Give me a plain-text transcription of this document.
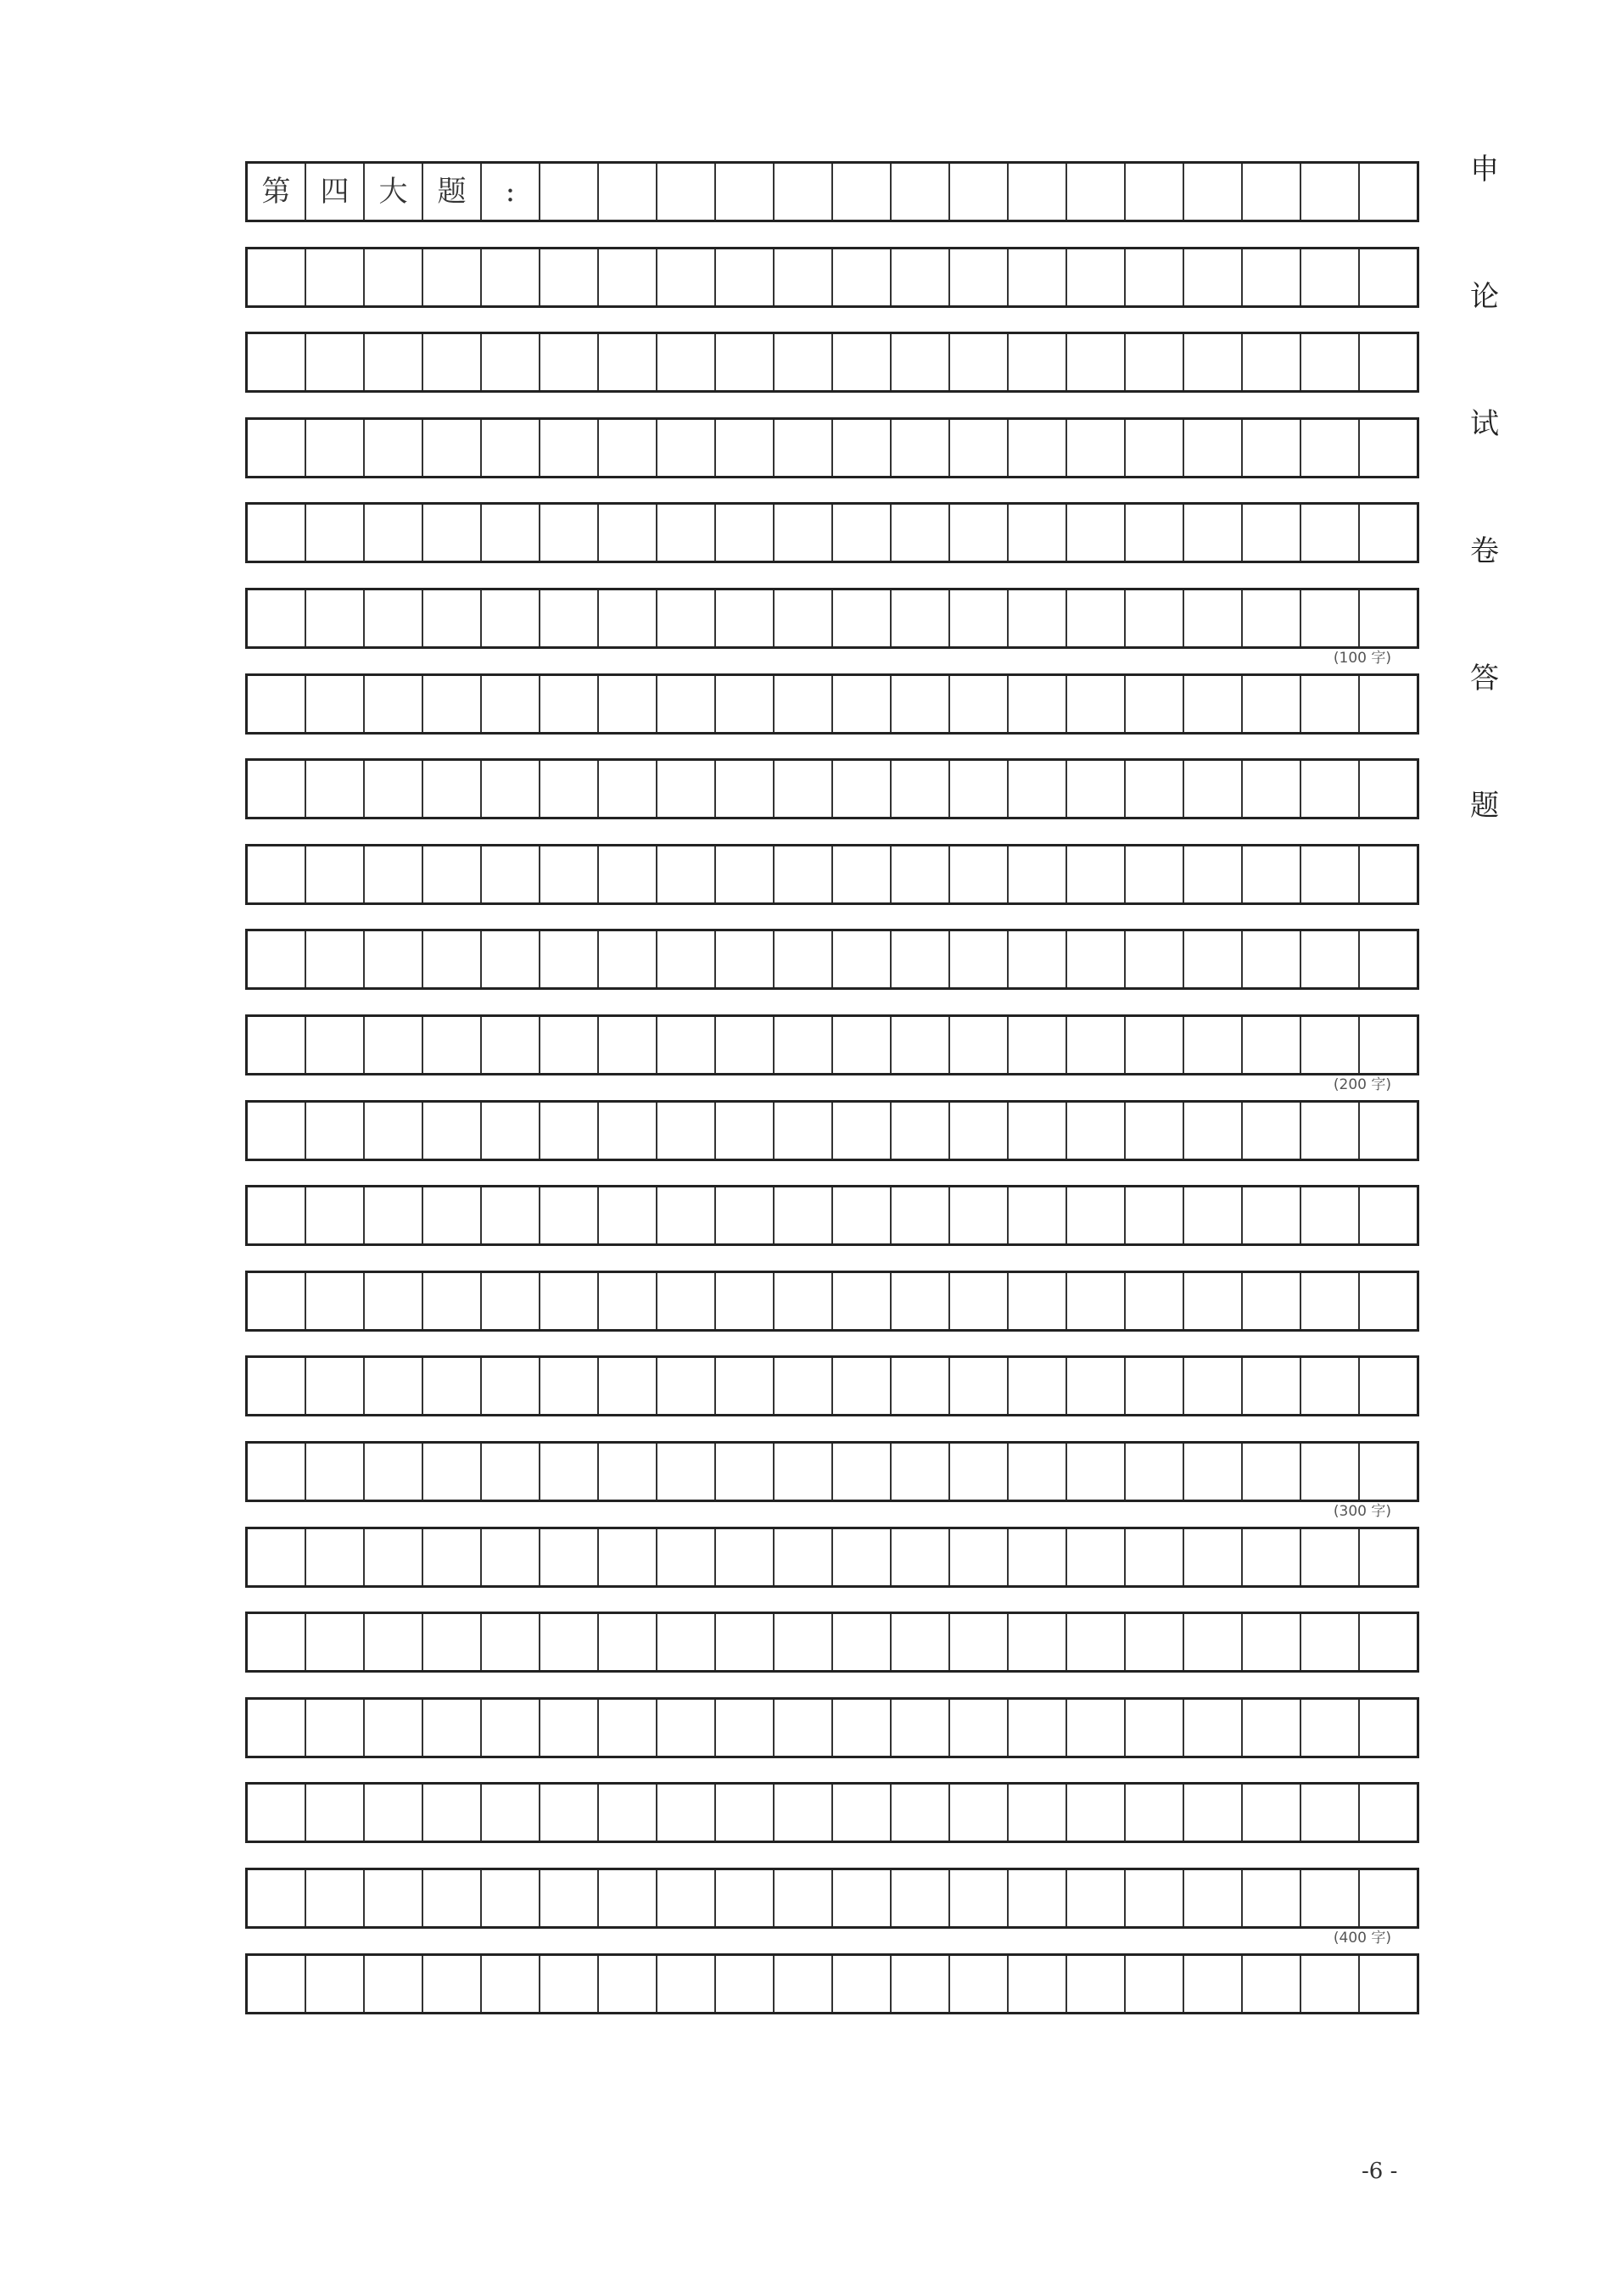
第	四	大	题	:
(100 字)
(200 字)
(300 字)
(400 字)
申
论
试
卷
答
题
-6 -
